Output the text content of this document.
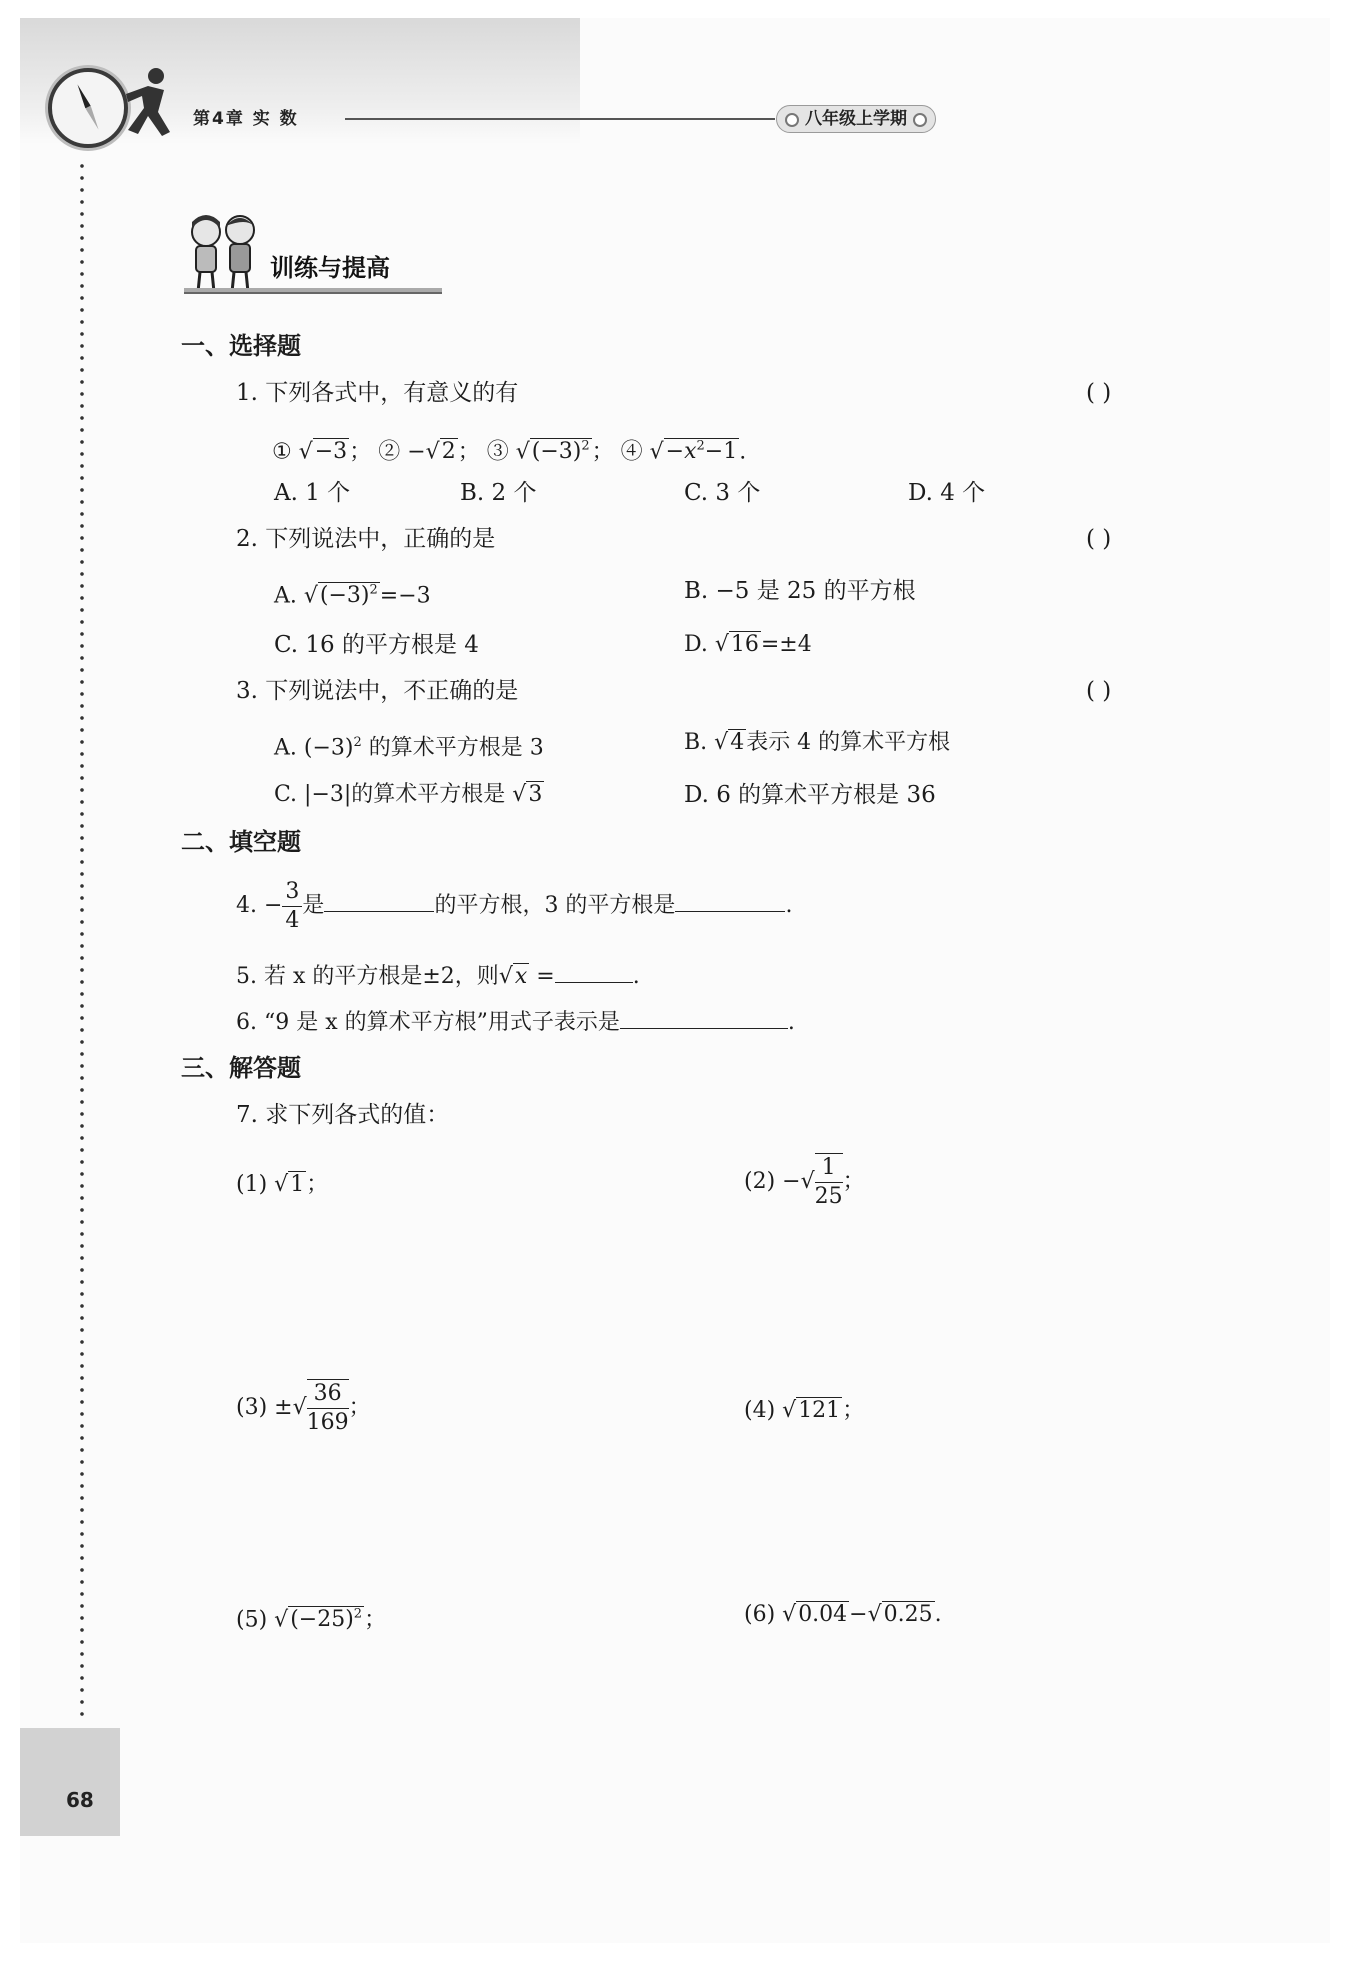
第4章 实 数	八年级上学期
68
训练与提高
一、选择题
1. 下列各式中，有意义的有	( )
① √−3； ② −√2； ③ $√(-3)^2$； ④ $√-x^2-1$.
A. 1 个	B. 2 个	C. 3 个	D. 4 个
2. 下列说法中，正确的是	( )
A. $√(-3)^2=-3$	B. −5 是 25 的平方根
C. 16 的平方根是 4	D. √16=±4
3. 下列说法中，不正确的是	( )
A. $(-3)^2$ 的算术平方根是 3	B. √4表示 4 的算术平方根
C. |−3|的算术平方根是 √3	D. 6 的算术平方根是 36
二、填空题
4. − $\frac{3}{4}$ 是	的平方根，3 的平方根是	.
5. 若 x 的平方根是±2，则√x =	.
6. “9 是 x 的算术平方根”用式子表示是	.
三、解答题
7. 求下列各式的值：
(1) √1；	(2) −√ $\frac{1}{25}$ ；
(3) ±√ $\frac{36}{169}$ ；	(4) √121；
(5) $√(-25)^2$；	(6) √0.04−√0.25.
